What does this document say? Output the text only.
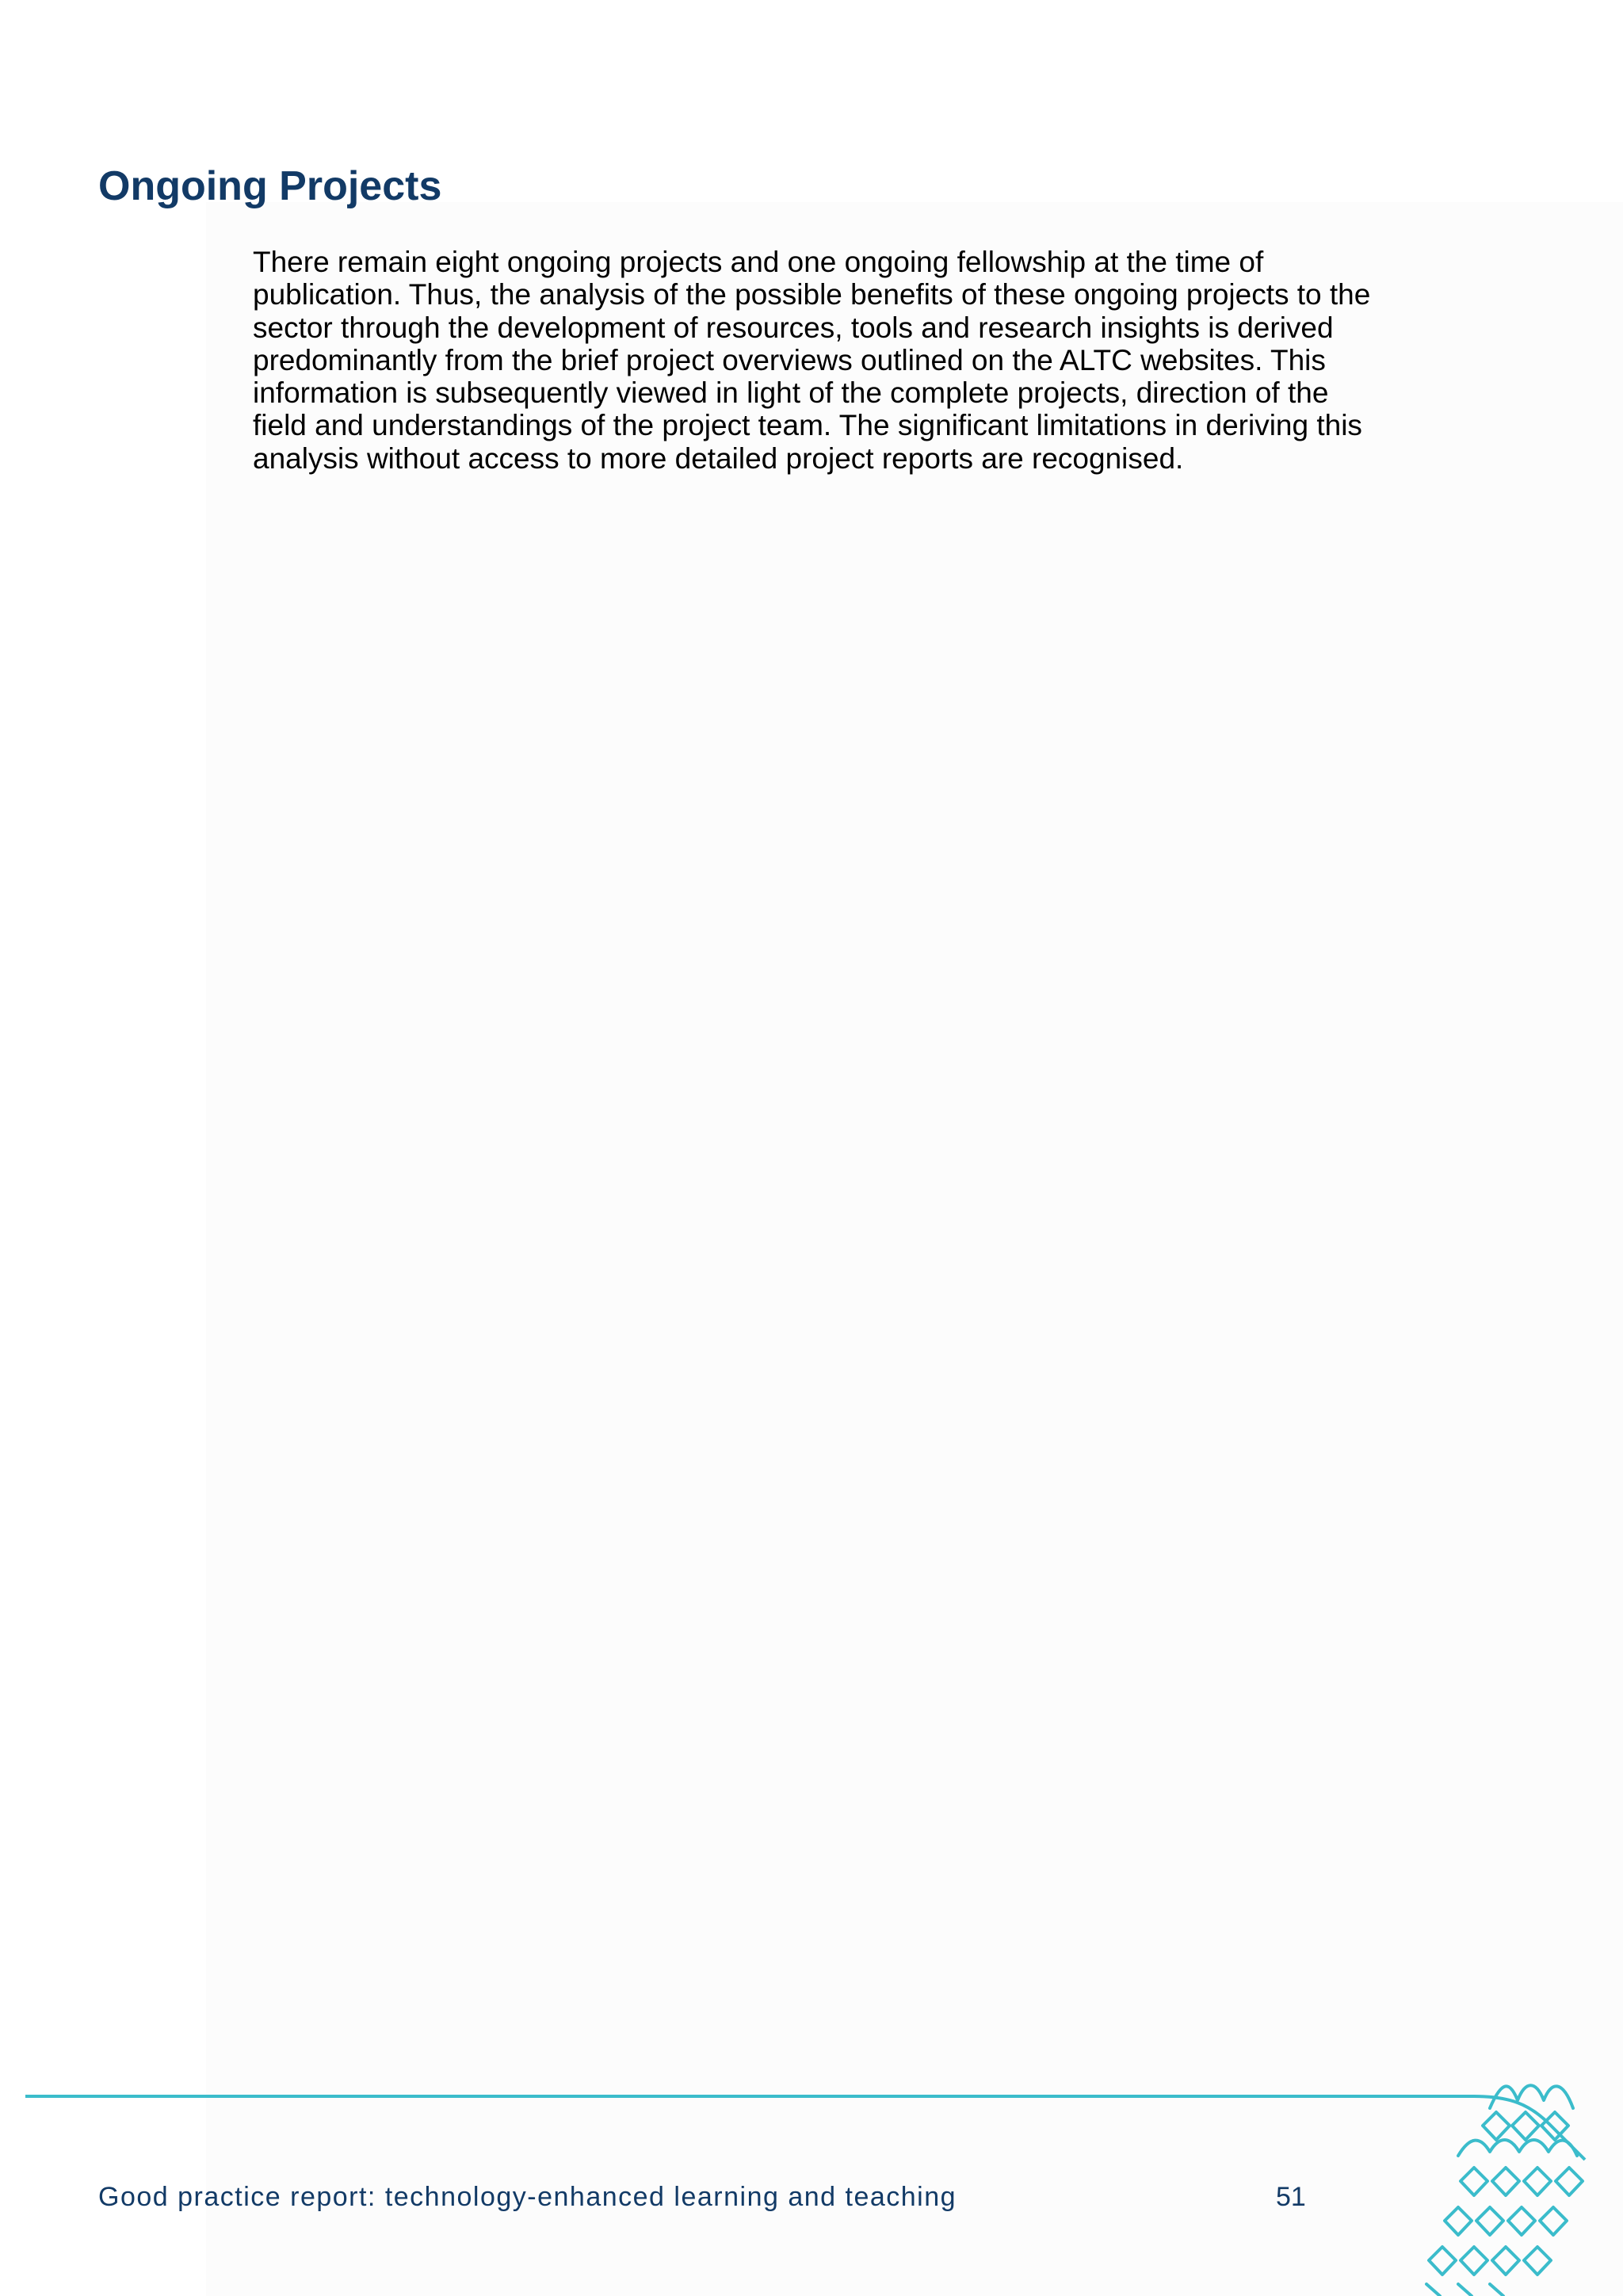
Ongoing Projects

There remain eight ongoing projects and one ongoing fellowship at the time of publication. Thus, the analysis of the possible benefits of these ongoing projects to the sector through the development of resources, tools and research insights is derived predominantly from the brief project overviews outlined on the ALTC websites. This information is subsequently viewed in light of the complete projects, direction of the field and understandings of the project team. The significant limitations in deriving this analysis without access to more detailed project reports are recognised.

Good practice report: technology-enhanced learning and teaching	51
